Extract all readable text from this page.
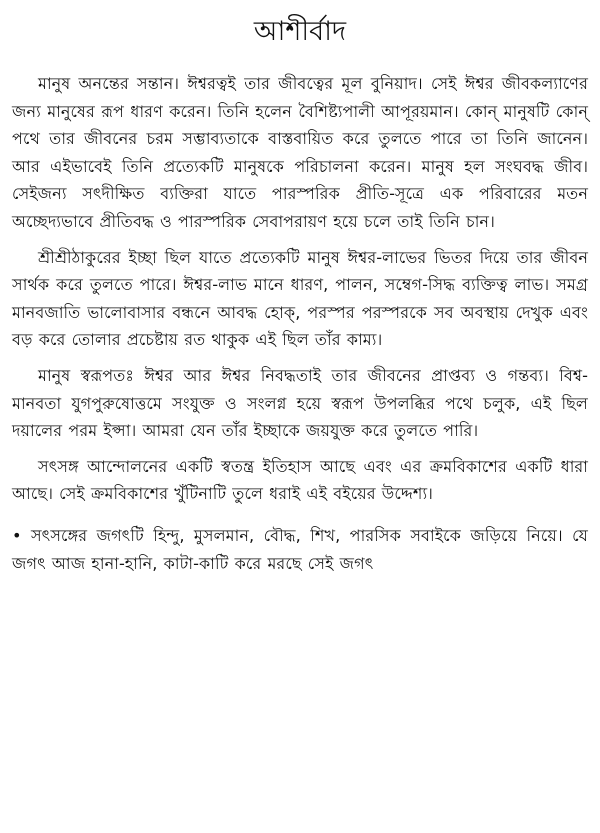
আশীর্বাদ

মানুষ অনন্তের সন্তান। ঈশ্বরত্বই তার জীবত্বের মূল বুনিয়াদ। সেই ঈশ্বর জীবকল্যাণের জন্য মানুষের রূপ ধারণ করেন। তিনি হলেন বৈশিষ্ট্যপালী আপূরয়মান। কোন্ মানুষটি কোন্ পথে তার জীবনের চরম সম্ভাব্যতাকে বাস্তবায়িত করে তুলতে পারে তা তিনি জানেন। আর এইভাবেই তিনি প্রত্যেকটি মানুষকে পরিচালনা করেন। মানুষ হল সংঘবদ্ধ জীব। সেইজন্য সৎদীক্ষিত ব্যক্তিরা যাতে পারস্পরিক প্রীতি-সূত্রে এক পরিবারের মতন অচ্ছেদ্যভাবে প্রীতিবদ্ধ ও পারস্পরিক সেবাপরায়ণ হয়ে চলে তাই তিনি চান।

শ্রীশ্রীঠাকুরের ইচ্ছা ছিল যাতে প্রত্যেকটি মানুষ ঈশ্বর-লাভের ভিতর দিয়ে তার জীবন সার্থক করে তুলতে পারে। ঈশ্বর-লাভ মানে ধারণ, পালন, সম্বেগ-সিদ্ধ ব্যক্তিত্ব লাভ। সমগ্র মানবজাতি ভালোবাসার বন্ধনে আবদ্ধ হোক্, পরস্পর পরস্পরকে সব অবস্থায় দেখুক এবং বড় করে তোলার প্রচেষ্টায় রত থাকুক এই ছিল তাঁর কাম্য।

মানুষ স্বরূপতঃ ঈশ্বর আর ঈশ্বর নিবদ্ধতাই তার জীবনের প্রাপ্তব্য ও গন্তব্য। বিশ্ব-মানবতা যুগপুরুষোত্তমে সংযুক্ত ও সংলগ্ন হয়ে স্বরূপ উপলব্ধির পথে চলুক, এই ছিল দয়ালের পরম ইপ্সা। আমরা যেন তাঁর ইচ্ছাকে জয়যুক্ত করে তুলতে পারি।

সৎসঙ্গ আন্দোলনের একটি স্বতন্ত্র ইতিহাস আছে এবং এর ক্রমবিকাশের একটি ধারা আছে। সেই ক্রমবিকাশের খুঁটিনাটি তুলে ধরাই এই বইয়ের উদ্দেশ্য।

• সৎসঙ্গের জগৎটি হিন্দু, মুসলমান, বৌদ্ধ, শিখ, পারসিক সবাইকে জড়িয়ে নিয়ে। যে জগৎ আজ হানা-হানি, কাটা-কাটি করে মরছে সেই জগৎ
